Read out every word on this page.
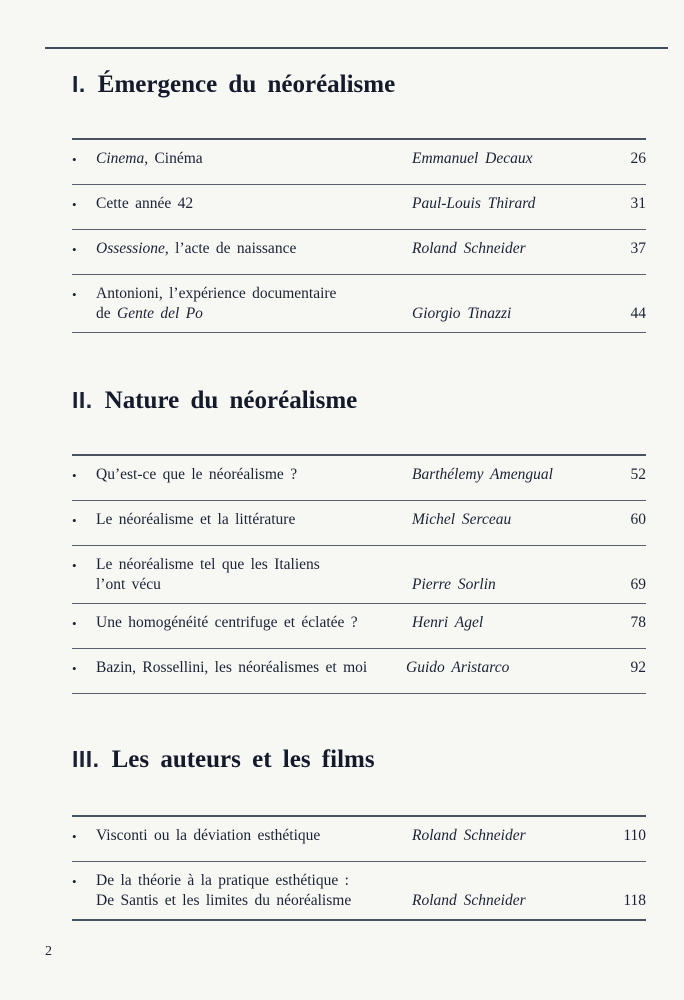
I. Émergence du néoréalisme
•	Cinema, Cinéma	Emmanuel Decaux	26
•	Cette année 42	Paul-Louis Thirard	31
•	Ossessione, l’acte de naissance	Roland Schneider	37
•	Antonioni, l’expérience documentaire
de Gente del Po	Giorgio Tinazzi	44
II. Nature du néoréalisme
•	Qu’est-ce que le néoréalisme ?	Barthélemy Amengual	52
•	Le néoréalisme et la littérature	Michel Serceau	60
•	Le néoréalisme tel que les Italiens
l’ont vécu	Pierre Sorlin	69
•	Une homogénéité centrifuge et éclatée ?	Henri Agel	78
•	Bazin, Rossellini, les néoréalismes et moi	Guido Aristarco	92
III. Les auteurs et les films
•	Visconti ou la déviation esthétique	Roland Schneider	110
•	De la théorie à la pratique esthétique :
De Santis et les limites du néoréalisme	Roland Schneider	118
2
